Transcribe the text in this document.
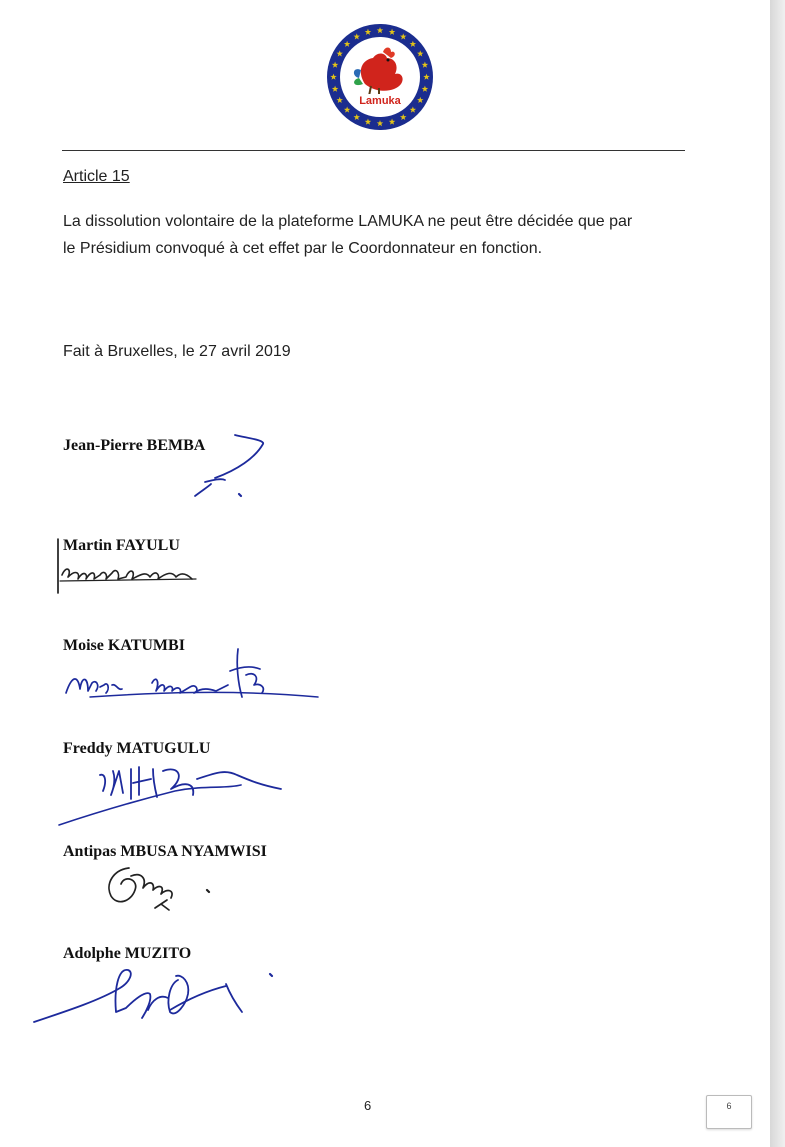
Lamuka
Article 15

La dissolution volontaire de la plateforme LAMUKA ne peut être décidée que par
le Présidium convoqué à cet effet par le Coordonnateur en fonction.

Fait à Bruxelles, le 27 avril 2019

Jean-Pierre BEMBA

Martin FAYULU

Moise KATUMBI

Freddy MATUGULU

Antipas MBUSA NYAMWISI

Adolphe MUZITO

6	6
